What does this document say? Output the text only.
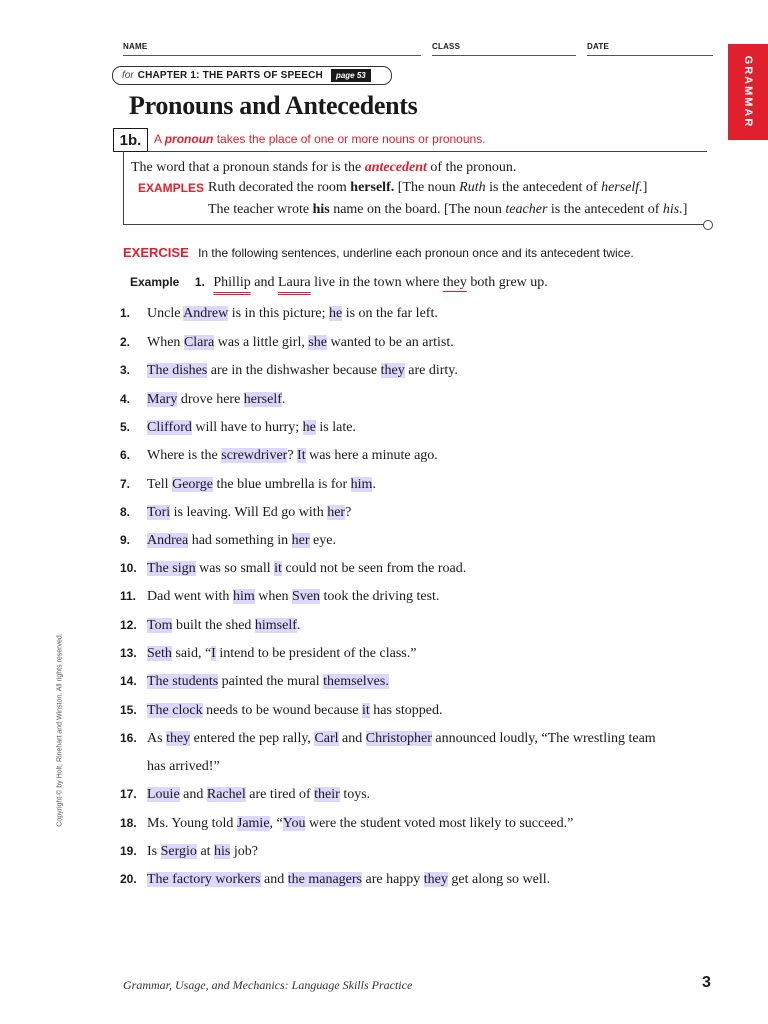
NAME	CLASS	DATE
for CHAPTER 1: THE PARTS OF SPEECH	page 53	GRAMMAR
Pronouns and Antecedents
1b.	A pronoun takes the place of one or more nouns or pronouns.
The word that a pronoun stands for is the antecedent of the pronoun.
EXAMPLES Ruth decorated the room herself. [The noun Ruth is the antecedent of herself.]
The teacher wrote his name on the board. [The noun teacher is the antecedent of his.]
EXERCISE In the following sentences, underline each pronoun once and its antecedent twice.
Example 1. Phillip and Laura live in the town where they both grew up.
1. Uncle Andrew is in this picture; he is on the far left.
2. When Clara was a little girl, she wanted to be an artist.
3. The dishes are in the dishwasher because they are dirty.
4. Mary drove here herself.
5. Clifford will have to hurry; he is late.
6. Where is the screwdriver? It was here a minute ago.
7. Tell George the blue umbrella is for him.
8. Tori is leaving. Will Ed go with her?
9. Andrea had something in her eye.
10. The sign was so small it could not be seen from the road.
11. Dad went with him when Sven took the driving test.
12. Tom built the shed himself.
13. Seth said, “I intend to be president of the class.”
14. The students painted the mural themselves.
15. The clock needs to be wound because it has stopped.
16. As they entered the pep rally, Carl and Christopher announced loudly, “The wrestling team
has arrived!”
17. Louie and Rachel are tired of their toys.
18. Ms. Young told Jamie, “You were the student voted most likely to succeed.”
19. Is Sergio at his job?
20. The factory workers and the managers are happy they get along so well.
Copyright © by Holt, Rinehart and Winston. All rights reserved.
Grammar, Usage, and Mechanics: Language Skills Practice	3
